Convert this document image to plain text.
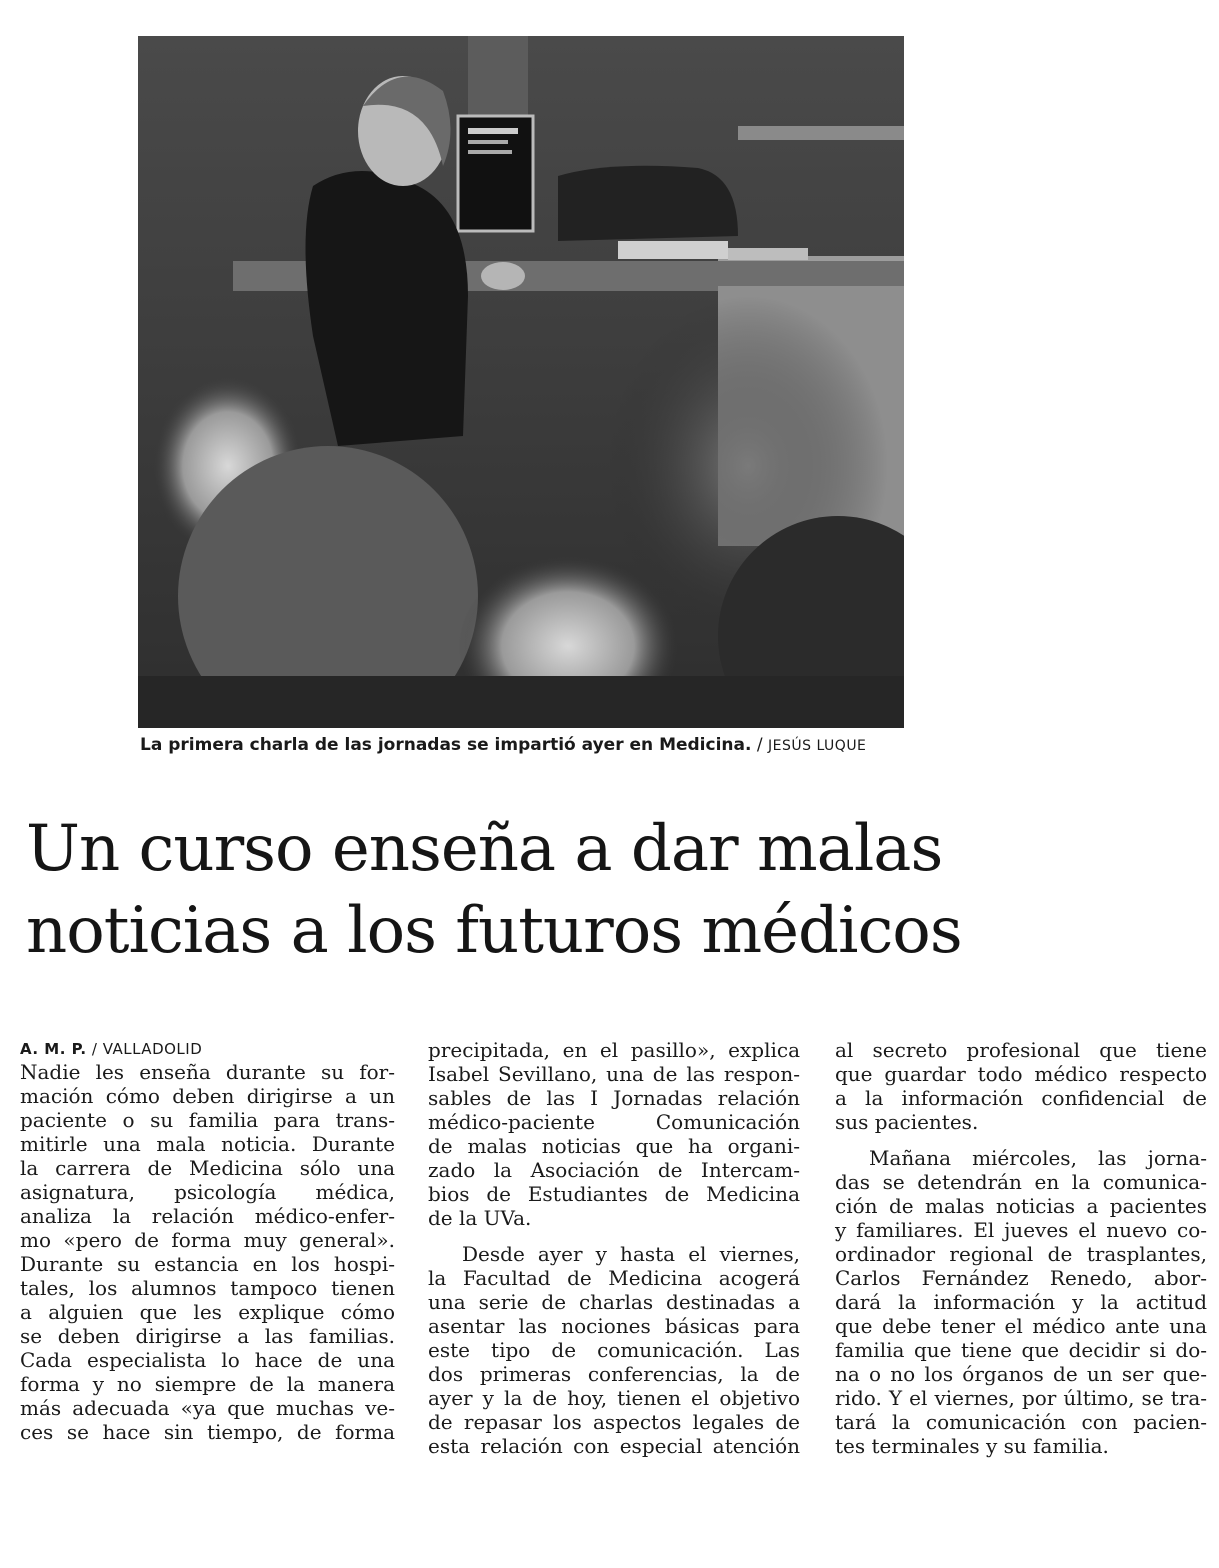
La primera charla de las jornadas se impartió ayer en Medicina. / JESÚS LUQUE
Un curso enseña a dar malas
noticias a los futuros médicos
A. M. P. / VALLADOLID

Nadie les enseña durante su for-
mación cómo deben dirigirse a un
paciente o su familia para trans-
mitirle una mala noticia. Durante
la carrera de Medicina sólo una
asignatura, psicología médica,
analiza la relación médico-enfer-
mo «pero de forma muy general».
Durante su estancia en los hospi-
tales, los alumnos tampoco tienen
a alguien que les explique cómo
se deben dirigirse a las familias.
Cada especialista lo hace de una
forma y no siempre de la manera
más adecuada «ya que muchas ve-
ces se hace sin tiempo, de forma

precipitada, en el pasillo», explica
Isabel Sevillano, una de las respon-
sables de las I Jornadas relación
médico-paciente Comunicación
de malas noticias que ha organi-
zado la Asociación de Intercam-
bios de Estudiantes de Medicina
de la UVa.

Desde ayer y hasta el viernes,
la Facultad de Medicina acogerá
una serie de charlas destinadas a
asentar las nociones básicas para
este tipo de comunicación. Las
dos primeras conferencias, la de
ayer y la de hoy, tienen el objetivo
de repasar los aspectos legales de
esta relación con especial atención

al secreto profesional que tiene
que guardar todo médico respecto
a la información confidencial de
sus pacientes.

Mañana miércoles, las jorna-
das se detendrán en la comunica-
ción de malas noticias a pacientes
y familiares. El jueves el nuevo co-
ordinador regional de trasplantes,
Carlos Fernández Renedo, abor-
dará la información y la actitud
que debe tener el médico ante una
familia que tiene que decidir si do-
na o no los órganos de un ser que-
rido. Y el viernes, por último, se tra-
tará la comunicación con pacien-
tes terminales y su familia.
